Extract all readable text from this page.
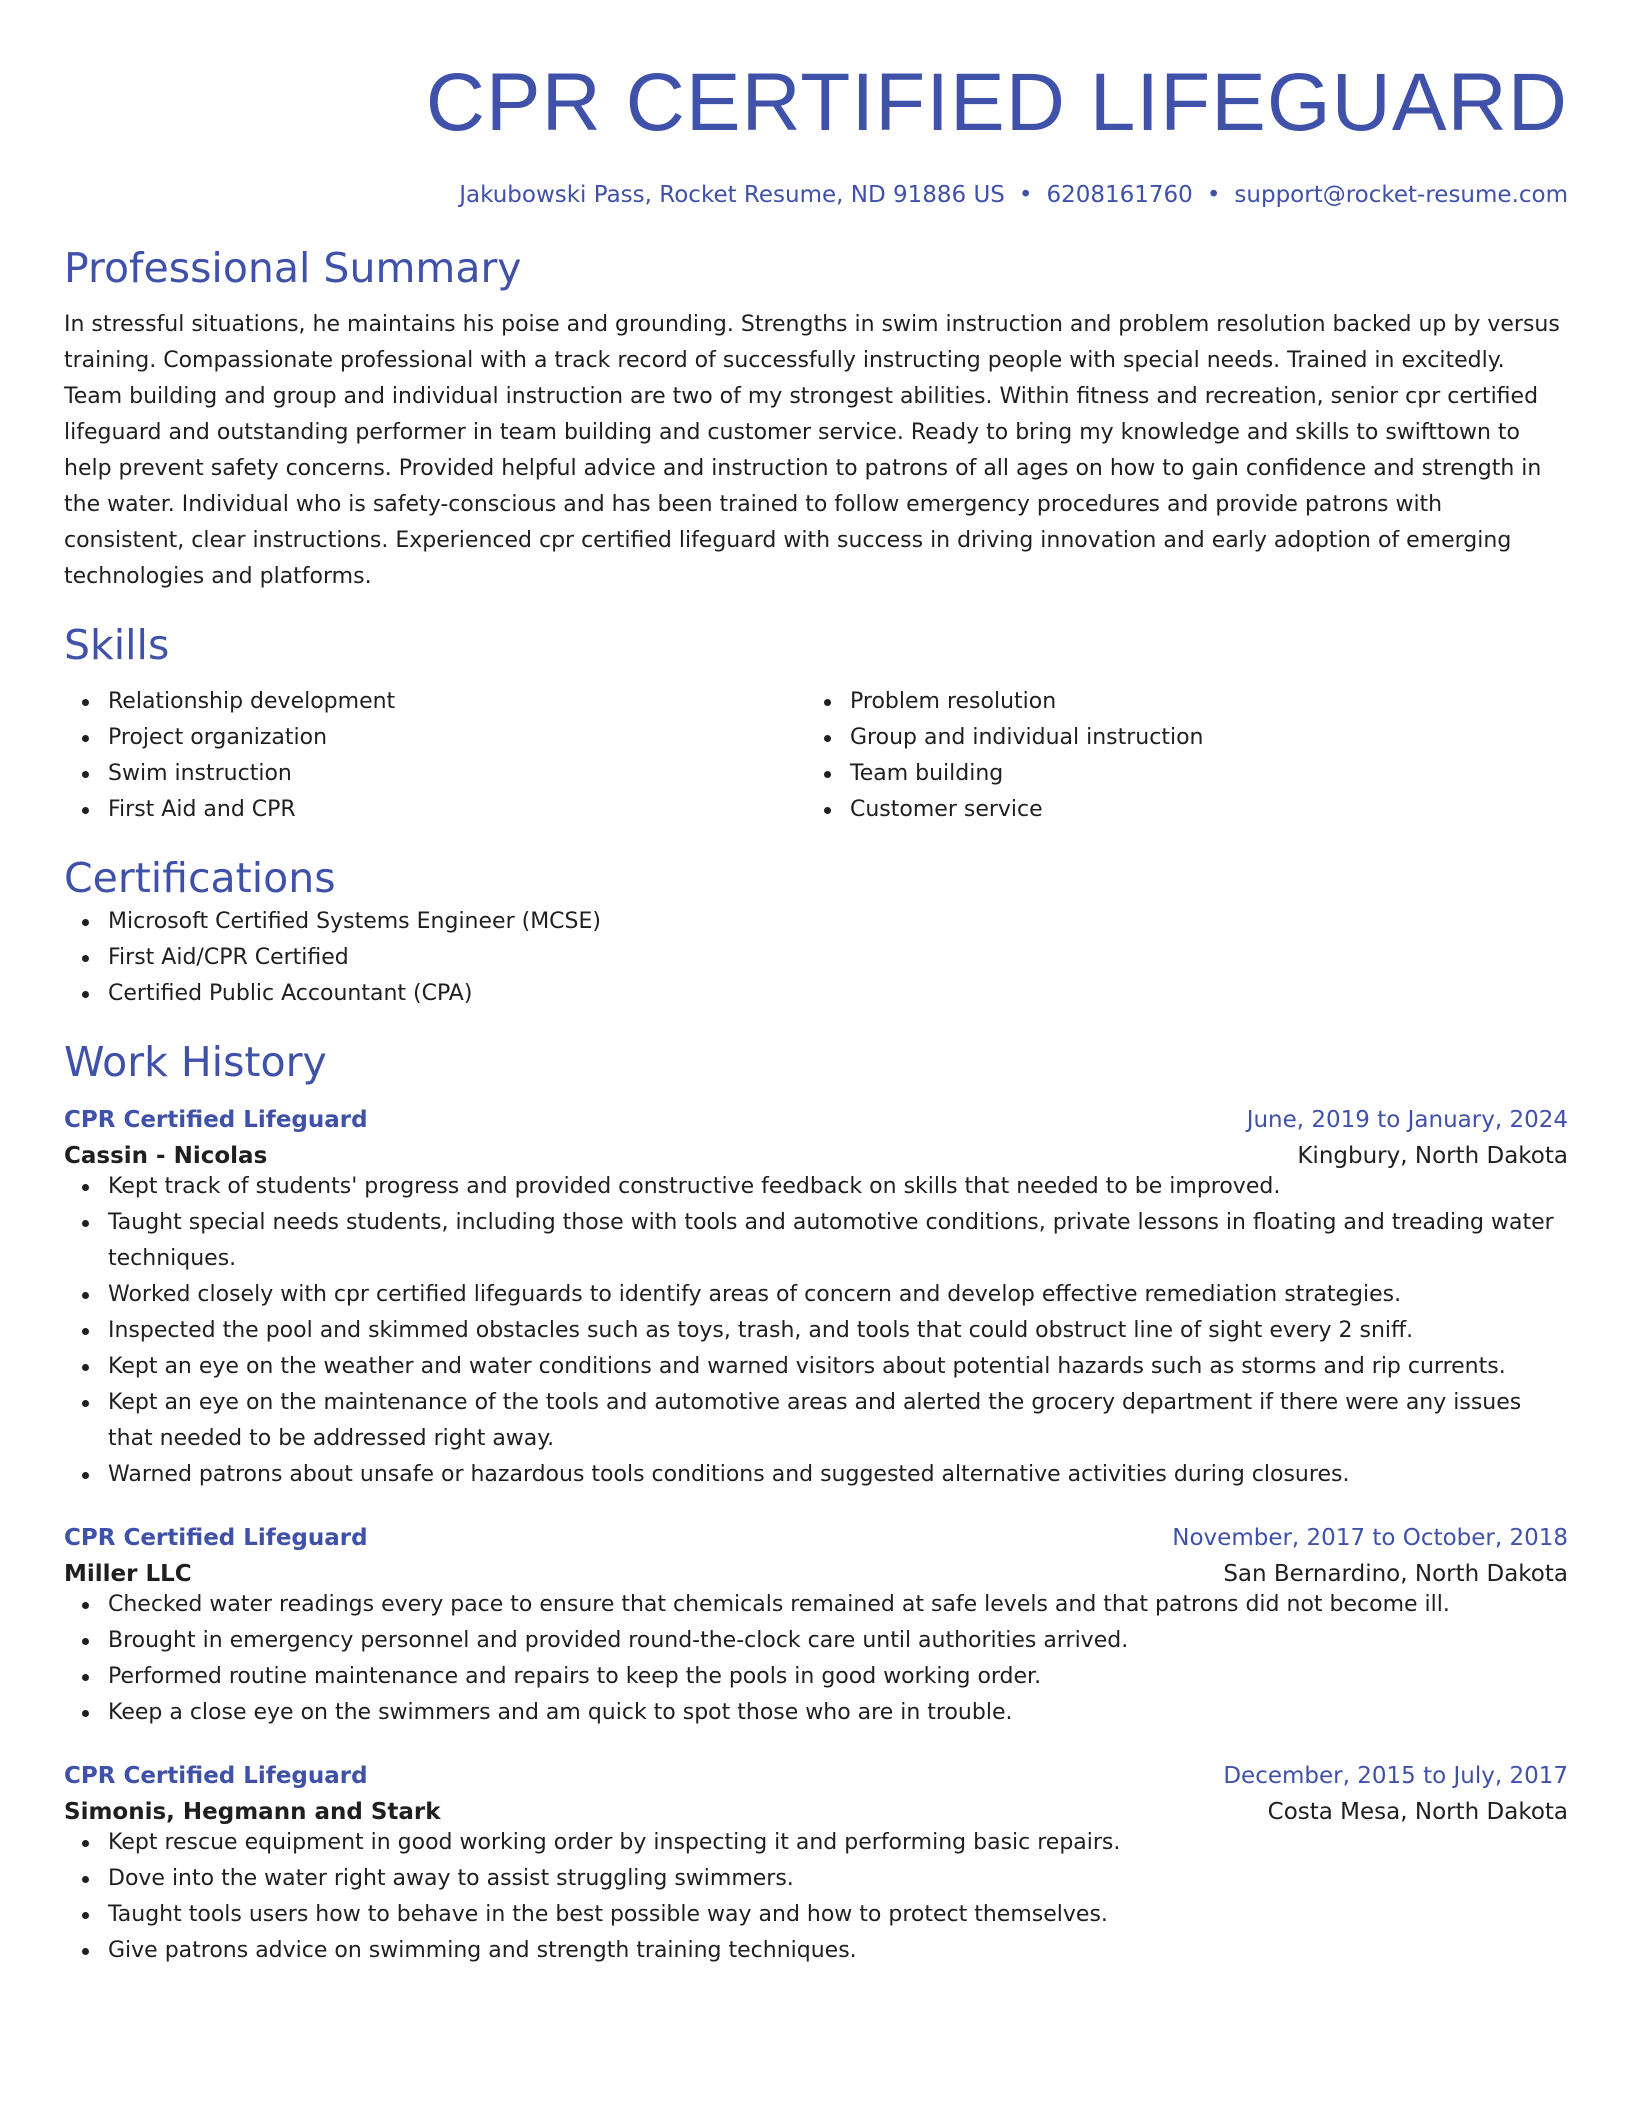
CPR CERTIFIED LIFEGUARD
Jakubowski Pass, Rocket Resume, ND 91886 US • 6208161760 • support@rocket-resume.com
Professional Summary

In stressful situations, he maintains his poise and grounding. Strengths in swim instruction and problem resolution backed up by versus training. Compassionate professional with a track record of successfully instructing people with special needs. Trained in excitedly. Team building and group and individual instruction are two of my strongest abilities. Within fitness and recreation, senior cpr certified lifeguard and outstanding performer in team building and customer service. Ready to bring my knowledge and skills to swifttown to help prevent safety concerns. Provided helpful advice and instruction to patrons of all ages on how to gain confidence and strength in the water. Individual who is safety-conscious and has been trained to follow emergency procedures and provide patrons with consistent, clear instructions. Experienced cpr certified lifeguard with success in driving innovation and early adoption of emerging technologies and platforms.

Skills
Relationship development
Project organization
Swim instruction
First Aid and CPR
Problem resolution
Group and individual instruction
Team building
Customer service
Certifications
Microsoft Certified Systems Engineer (MCSE)
First Aid/CPR Certified
Certified Public Accountant (CPA)
Work History
CPR Certified Lifeguard	June, 2019 to January, 2024
Cassin - Nicolas	Kingbury, North Dakota
Kept track of students' progress and provided constructive feedback on skills that needed to be improved.
Taught special needs students, including those with tools and automotive conditions, private lessons in floating and treading water techniques.
Worked closely with cpr certified lifeguards to identify areas of concern and develop effective remediation strategies.
Inspected the pool and skimmed obstacles such as toys, trash, and tools that could obstruct line of sight every 2 sniff.
Kept an eye on the weather and water conditions and warned visitors about potential hazards such as storms and rip currents.
Kept an eye on the maintenance of the tools and automotive areas and alerted the grocery department if there were any issues that needed to be addressed right away.
Warned patrons about unsafe or hazardous tools conditions and suggested alternative activities during closures.
CPR Certified Lifeguard	November, 2017 to October, 2018
Miller LLC	San Bernardino, North Dakota
Checked water readings every pace to ensure that chemicals remained at safe levels and that patrons did not become ill.
Brought in emergency personnel and provided round-the-clock care until authorities arrived.
Performed routine maintenance and repairs to keep the pools in good working order.
Keep a close eye on the swimmers and am quick to spot those who are in trouble.
CPR Certified Lifeguard	December, 2015 to July, 2017
Simonis, Hegmann and Stark	Costa Mesa, North Dakota
Kept rescue equipment in good working order by inspecting it and performing basic repairs.
Dove into the water right away to assist struggling swimmers.
Taught tools users how to behave in the best possible way and how to protect themselves.
Give patrons advice on swimming and strength training techniques.
